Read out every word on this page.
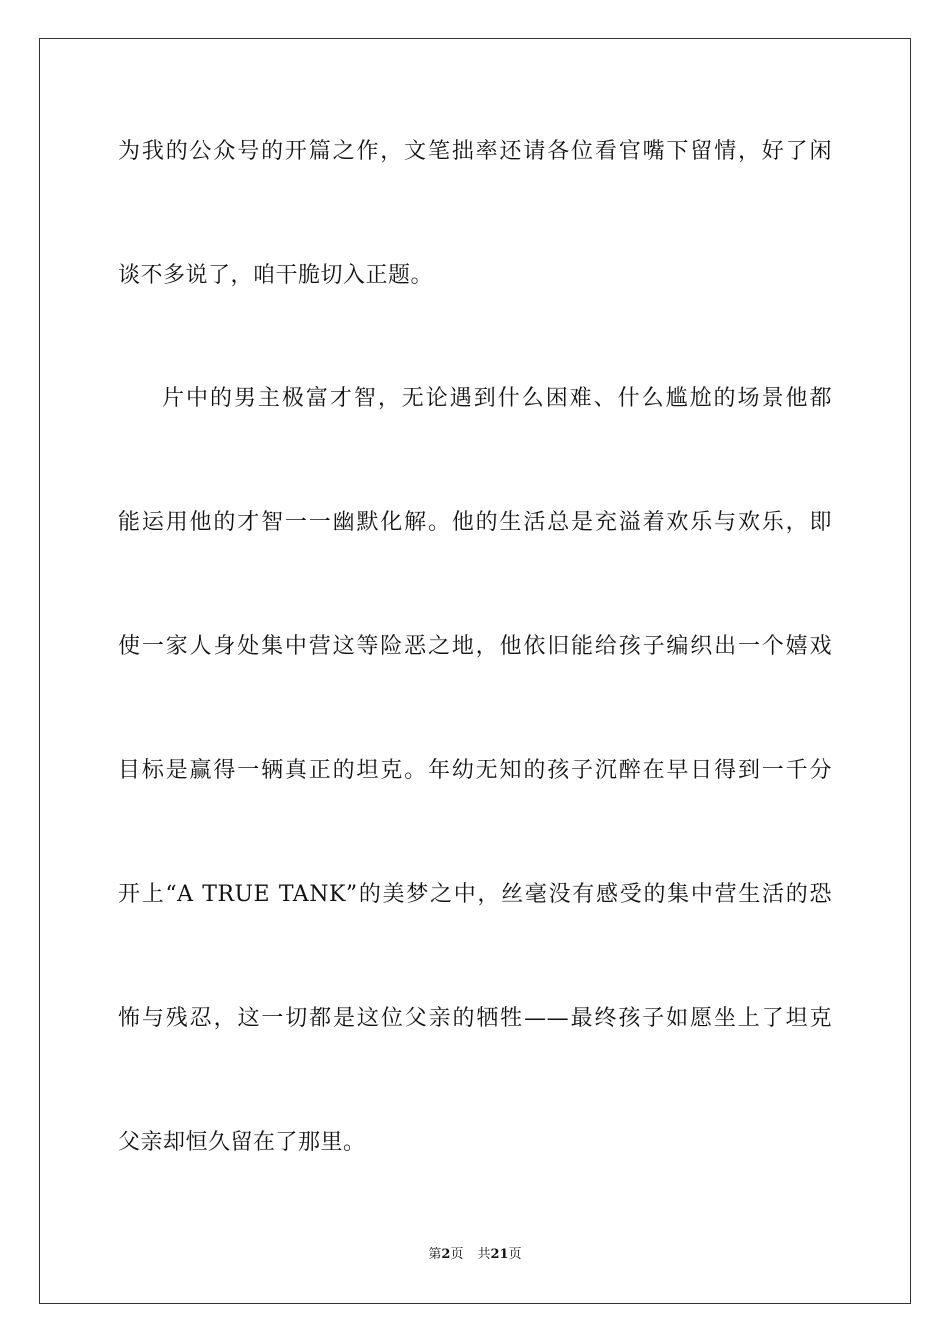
为我的公众号的开篇之作，文笔拙率还请各位看官嘴下留情，好了闲
谈不多说了，咱干脆切入正题。
片中的男主极富才智，无论遇到什么困难、什么尴尬的场景他都
能运用他的才智一一幽默化解。他的生活总是充溢着欢乐与欢乐，即
使一家人身处集中营这等险恶之地，他依旧能给孩子编织出一个嬉戏
目标是赢得一辆真正的坦克。年幼无知的孩子沉醉在早日得到一千分
开上“A TRUE TANK”的美梦之中，丝毫没有感受的集中营生活的恐
怖与残忍，这一切都是这位父亲的牺牲——最终孩子如愿坐上了坦克
父亲却恒久留在了那里。
第2页 共21页
